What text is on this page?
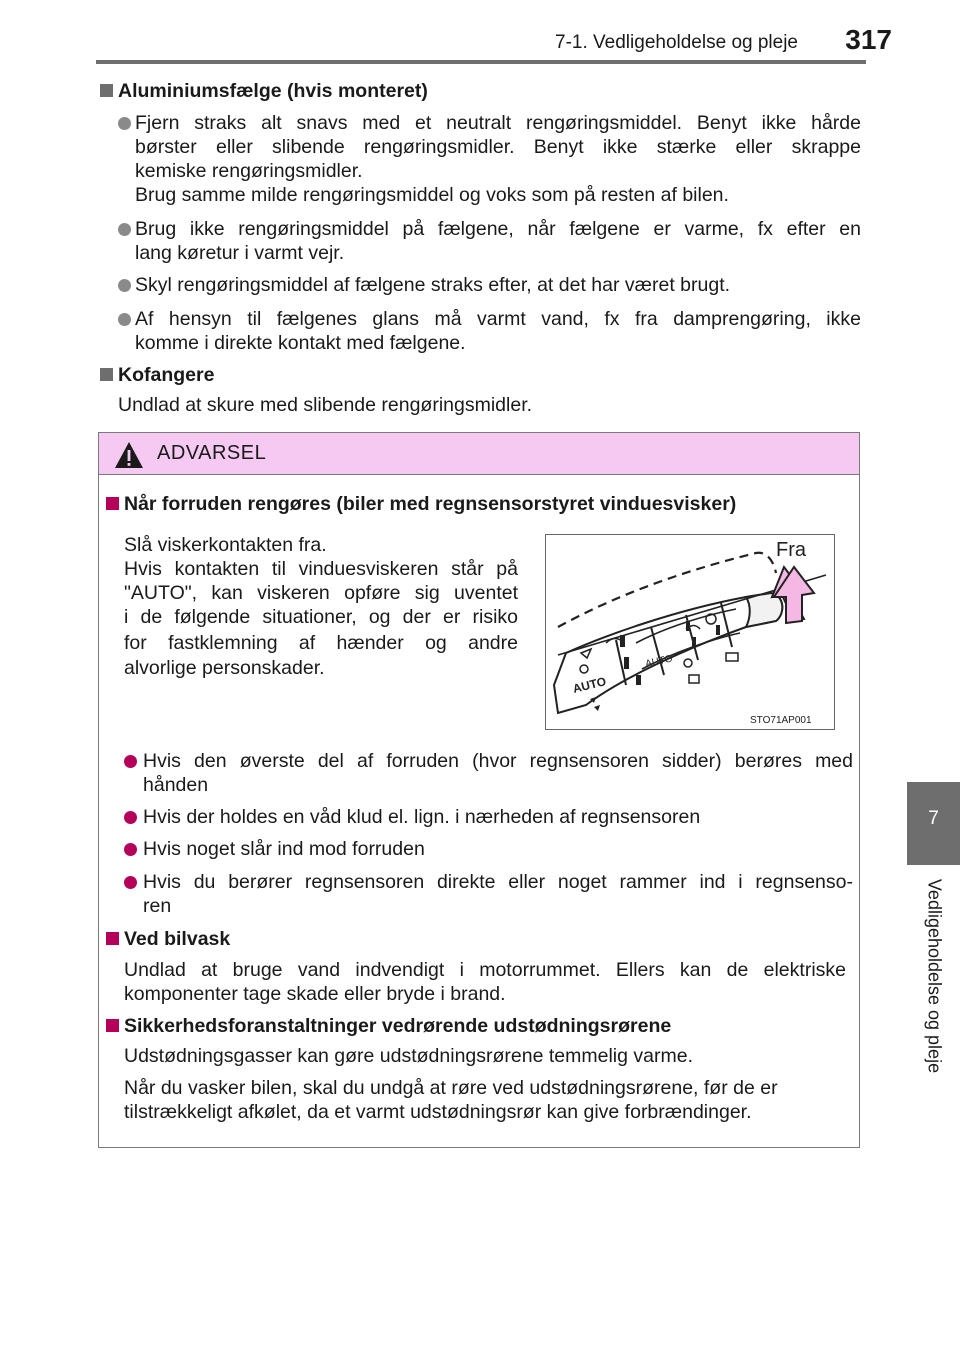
7-1. Vedligeholdelse og pleje	317
7
Vedligeholdelse og pleje
Aluminiumsfælge (hvis monteret)
Fjern straks alt snavs med et neutralt rengøringsmiddel. Benyt ikke hårde
børster eller slibende rengøringsmidler. Benyt ikke stærke eller skrappe
kemiske rengøringsmidler.
Brug samme milde rengøringsmiddel og voks som på resten af bilen.
Brug ikke rengøringsmiddel på fælgene, når fælgene er varme, fx efter en
lang køretur i varmt vejr.
Skyl rengøringsmiddel af fælgene straks efter, at det har været brugt.
Af hensyn til fælgenes glans må varmt vand, fx fra damprengøring, ikke
komme i direkte kontakt med fælgene.
Kofangere
Undlad at skure med slibende rengøringsmidler.
ADVARSEL
Når forruden rengøres (biler med regnsensorstyret vinduesvisker)
Slå viskerkontakten fra.
Hvis kontakten til vinduesviskeren står på
"AUTO", kan viskeren opføre sig uventet
i de følgende situationer, og der er risiko
for fastklemning af hænder og andre
alvorlige personskader.
Fra
AUTO
AUTO
STO71AP001
Hvis den øverste del af forruden (hvor regnsensoren sidder) berøres med
hånden
Hvis der holdes en våd klud el. lign. i nærheden af regnsensoren
Hvis noget slår ind mod forruden
Hvis du berører regnsensoren direkte eller noget rammer ind i regnsenso-
ren
Ved bilvask
Undlad at bruge vand indvendigt i motorrummet. Ellers kan de elektriske
komponenter tage skade eller bryde i brand.
Sikkerhedsforanstaltninger vedrørende udstødningsrørene
Udstødningsgasser kan gøre udstødningsrørene temmelig varme.
Når du vasker bilen, skal du undgå at røre ved udstødningsrørene, før de er
tilstrækkeligt afkølet, da et varmt udstødningsrør kan give forbrændinger.
